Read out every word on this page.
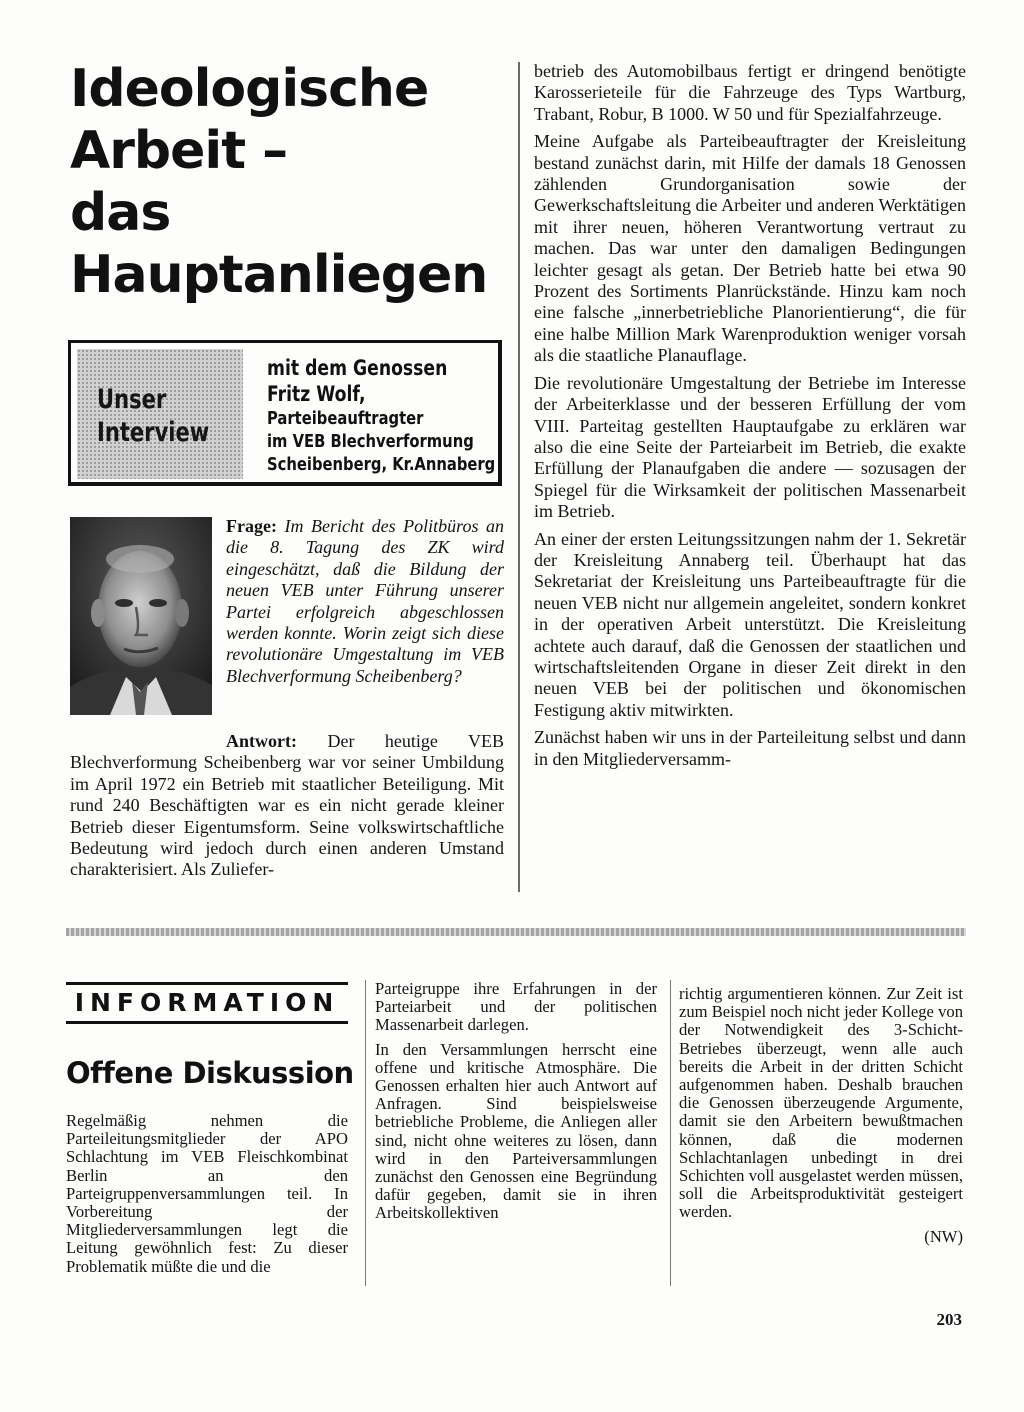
Ideologische
Arbeit –
das
Hauptanliegen
Unser
Interview
mit dem Genossen
Fritz Wolf,
Parteibeauftragter
im VEB Blechverformung
Scheibenberg, Kr.Annaberg
Frage: Im Bericht des Politbüros an die 8. Tagung des ZK wird eingeschätzt, daß die Bildung der neuen VEB unter Führung unserer Partei erfolgreich abgeschlossen werden konnte. Worin zeigt sich diese revolutionäre Umgestaltung im VEB Blechverformung Scheibenberg?
Antwort: Der heutige VEB Blechverformung Scheibenberg war vor seiner Umbildung im April 1972 ein Betrieb mit staatlicher Beteiligung. Mit rund 240 Beschäftigten war es ein nicht gerade kleiner Betrieb dieser Eigentumsform. Seine volkswirtschaftliche Bedeutung wird jedoch durch einen anderen Umstand charakterisiert. Als Zuliefer-

betrieb des Automobilbaus fertigt er dringend benötigte Karosserieteile für die Fahrzeuge des Typs Wartburg, Trabant, Robur, B 1000. W 50 und für Spezialfahrzeuge.

Meine Aufgabe als Parteibeauftragter der Kreisleitung bestand zunächst darin, mit Hilfe der damals 18 Genossen zählenden Grundorganisation sowie der Gewerkschaftsleitung die Arbeiter und anderen Werktätigen mit ihrer neuen, höheren Verantwortung vertraut zu machen. Das war unter den damaligen Bedingungen leichter gesagt als getan. Der Betrieb hatte bei etwa 90 Prozent des Sortiments Planrückstände. Hinzu kam noch eine falsche „innerbetriebliche Planorientierung“, die für eine halbe Million Mark Warenproduktion weniger vorsah als die staatliche Planauflage.

Die revolutionäre Umgestaltung der Betriebe im Interesse der Arbeiterklasse und der besseren Erfüllung der vom VIII. Parteitag gestellten Hauptaufgabe zu erklären war also die eine Seite der Parteiarbeit im Betrieb, die exakte Erfüllung der Planaufgaben die andere — sozusagen der Spiegel für die Wirksamkeit der politischen Massenarbeit im Betrieb.

An einer der ersten Leitungssitzungen nahm der 1. Sekretär der Kreisleitung Annaberg teil. Überhaupt hat das Sekretariat der Kreisleitung uns Parteibeauftragte für die neuen VEB nicht nur allgemein angeleitet, sondern konkret in der operativen Arbeit unterstützt. Die Kreisleitung achtete auch darauf, daß die Genossen der staatlichen und wirtschaftsleitenden Organe in dieser Zeit direkt in den neuen VEB bei der politischen und ökonomischen Festigung aktiv mitwirkten.

Zunächst haben wir uns in der Parteileitung selbst und dann in den Mitgliederversamm-

INFORMATION
Offene Diskussion

Regelmäßig nehmen die Parteileitungsmitglieder der APO Schlachtung im VEB Fleischkombinat Berlin an den Parteigruppenversammlungen teil. In Vorbereitung der Mitgliederversammlungen legt die Leitung gewöhnlich fest: Zu dieser Problematik müßte die und die

Parteigruppe ihre Erfahrungen in der Parteiarbeit und der politischen Massenarbeit darlegen.

In den Versammlungen herrscht eine offene und kritische Atmosphäre. Die Genossen erhalten hier auch Antwort auf Anfragen. Sind beispielsweise betriebliche Probleme, die Anliegen aller sind, nicht ohne weiteres zu lösen, dann wird in den Parteiversammlungen zunächst den Genossen eine Begründung dafür gegeben, damit sie in ihren Arbeitskollektiven

richtig argumentieren können. Zur Zeit ist zum Beispiel noch nicht jeder Kollege von der Notwendigkeit des 3-Schicht-Betriebes überzeugt, wenn alle auch bereits die Arbeit in der dritten Schicht aufgenommen haben. Deshalb brauchen die Genossen überzeugende Argumente, damit sie den Arbeitern bewußtmachen können, daß die modernen Schlachtanlagen unbedingt in drei Schichten voll ausgelastet werden müssen, soll die Arbeitsproduktivität gesteigert werden.

(NW)

203
